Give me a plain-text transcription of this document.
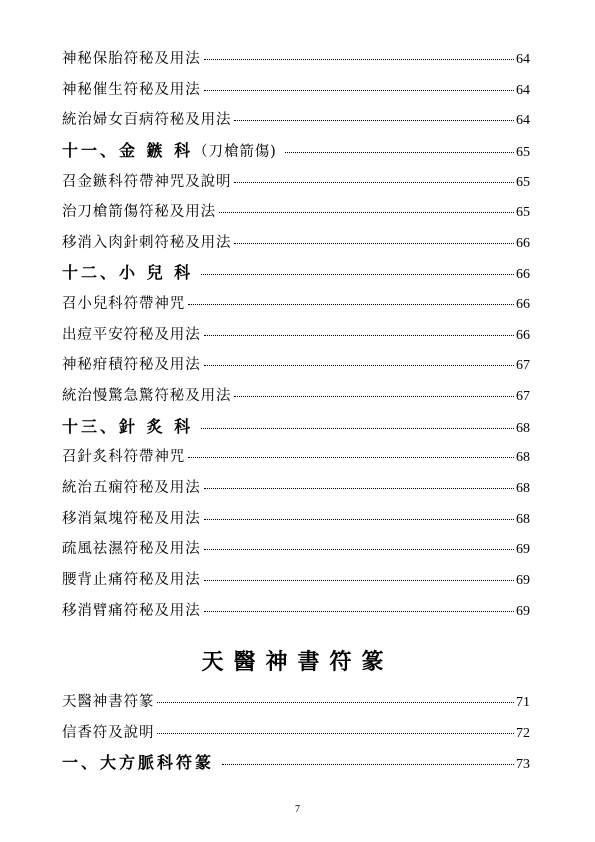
神秘保胎符秘及用法	64
神秘催生符秘及用法	64
統治婦女百病符秘及用法	64
十一、金 鏃 科（刀槍箭傷)	65
召金鏃科符帶神咒及說明	65
治刀槍箭傷符秘及用法	65
移消入肉針刺符秘及用法	66
十二、小 兒 科	66
召小兒科符帶神咒	66
出痘平安符秘及用法	66
神秘疳積符秘及用法	67
統治慢驚急驚符秘及用法	67
十三、針 炙 科	68
召針炙科符帶神咒	68
統治五痫符秘及用法	68
移消氣塊符秘及用法	68
疏風祛濕符秘及用法	69
腰背止痛符秘及用法	69
移消臂痛符秘及用法	69
天醫神書符篆
天醫神書符篆	71
信香符及說明	72
一、大方脈科符篆	73
7
